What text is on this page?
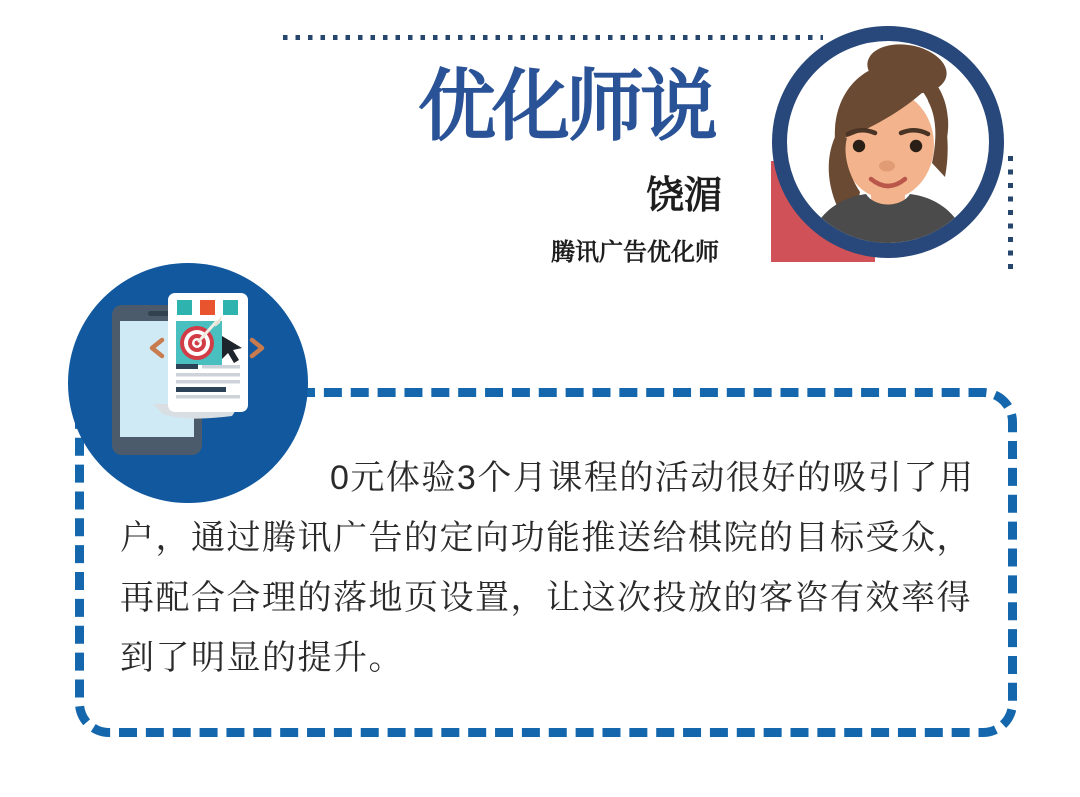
优化师说
饶湄
腾讯广告优化师
0元体验3个月课程的活动很好的吸引了用
户，通过腾讯广告的定向功能推送给棋院的目标受众，
再配合合理的落地页设置，让这次投放的客咨有效率得
到了明显的提升。
